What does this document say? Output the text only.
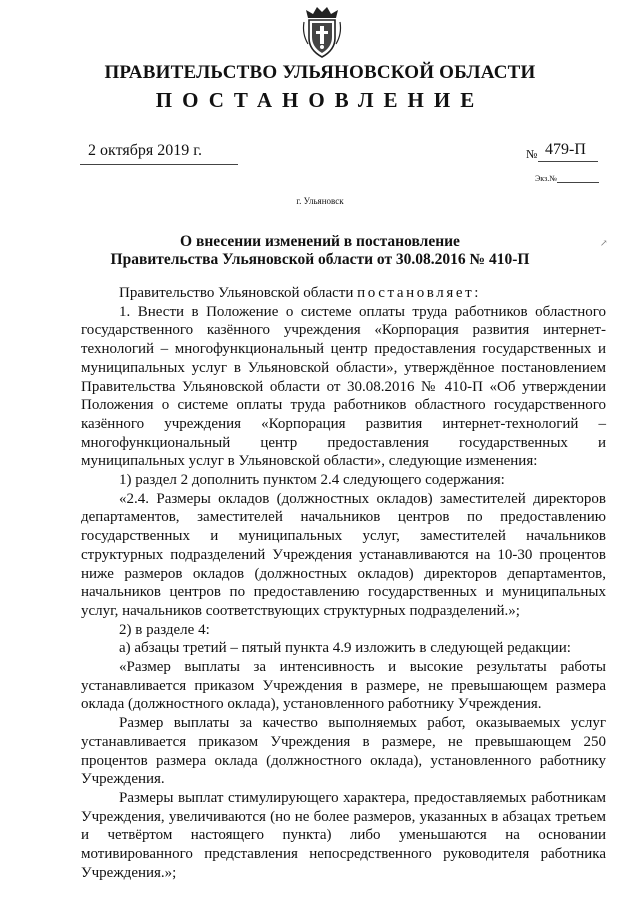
ПРАВИТЕЛЬСТВО УЛЬЯНОВСКОЙ ОБЛАСТИ
ПОСТАНОВЛЕНИЕ
2 октября 2019 г.	№ 479-П
Экз.№
г. Ульяновск
О внесении изменений в постановление
Правительства Ульяновской области от 30.08.2016 № 410-П
↗

Правительство Ульяновской области постановляет:

1. Внести в Положение о системе оплаты труда работников областного государственного казённого учреждения «Корпорация развития интернет-технологий – многофункциональный центр предоставления государственных и муниципальных услуг в Ульяновской области», утверждённое постановлением Правительства Ульяновской области от 30.08.2016 № 410-П «Об утверждении Положения о системе оплаты труда работников областного государственного казённого учреждения «Корпорация развития интернет-технологий – многофункциональный центр предоставления государственных и муниципальных услуг в Ульяновской области», следующие изменения:

1) раздел 2 дополнить пунктом 2.4 следующего содержания:

«2.4. Размеры окладов (должностных окладов) заместителей директоров департаментов, заместителей начальников центров по предоставлению государственных и муниципальных услуг, заместителей начальников структурных подразделений Учреждения устанавливаются на 10-30 процентов ниже размеров окладов (должностных окладов) директоров департаментов, начальников центров по предоставлению государственных и муниципальных услуг, начальников соответствующих структурных подразделений.»;

2) в разделе 4:

а) абзацы третий – пятый пункта 4.9 изложить в следующей редакции:

«Размер выплаты за интенсивность и высокие результаты работы устанавливается приказом Учреждения в размере, не превышающем размера оклада (должностного оклада), установленного работнику Учреждения.

Размер выплаты за качество выполняемых работ, оказываемых услуг устанавливается приказом Учреждения в размере, не превышающем 250 процентов размера оклада (должностного оклада), установленного работнику Учреждения.

Размеры выплат стимулирующего характера, предоставляемых работникам Учреждения, увеличиваются (но не более размеров, указанных в абзацах третьем и четвёртом настоящего пункта) либо уменьшаются на основании мотивированного представления непосредственного руководителя работника Учреждения.»;
